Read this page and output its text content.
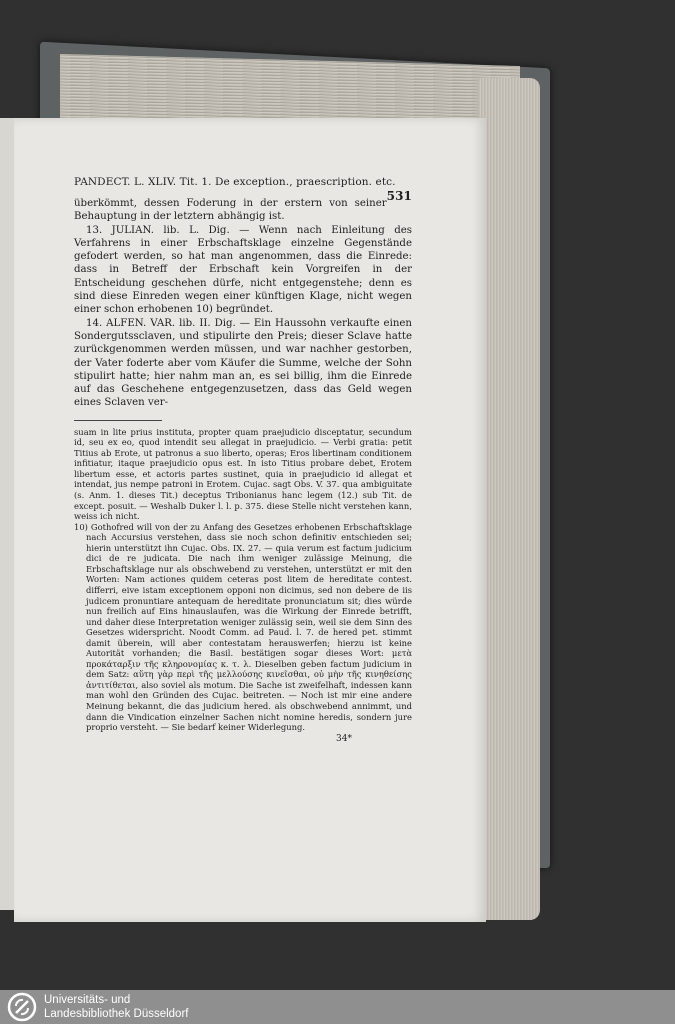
PANDECT. L. XLIV. Tit. 1. De exception., praescription. etc.
531

überkömmt, dessen Foderung in der erstern von seiner Behauptung in der letztern abhängig ist.

13. JULIAN. lib. L. Dig. — Wenn nach Einleitung des Verfahrens in einer Erbschaftsklage einzelne Gegenstände gefodert werden, so hat man angenommen, dass die Einrede: dass in Betreff der Erbschaft kein Vorgreifen in der Entscheidung geschehen dürfe, nicht entgegenstehe; denn es sind diese Einreden wegen einer künftigen Klage, nicht wegen einer schon erhobenen 10) begründet.

14. ALFEN. VAR. lib. II. Dig. — Ein Haussohn verkaufte einen Sondergutssclaven, und stipulirte den Preis; dieser Sclave hatte zurückgenommen werden müssen, und war nachher gestorben, der Vater foderte aber vom Käufer die Summe, welche der Sohn stipulirt hatte; hier nahm man an, es sei billig, ihm die Einrede auf das Geschehene entgegenzusetzen, dass das Geld wegen eines Sclaven ver-

suam in lite prius instituta, propter quam praejudicio disceptatur, secundum id, seu ex eo, quod intendit seu allegat in praejudicio. — Verbi gratia: petit Titius ab Erote, ut patronus a suo liberto, operas; Eros libertinam conditionem infitiatur, itaque praejudicio opus est. In isto Titius probare debet, Erotem libertum esse, et actoris partes sustinet, quia in praejudicio id allegat et intendat, jus nempe patroni in Erotem. Cujac. sagt Obs. V. 37. qua ambiguitate (s. Anm. 1. dieses Tit.) deceptus Tribonianus hanc legem (12.) sub Tit. de except. posuit. — Weshalb Duker l. l. p. 375. diese Stelle nicht verstehen kann, weiss ich nicht.

10) Gothofred will von der zu Anfang des Gesetzes erhobenen Erbschaftsklage nach Accursius verstehen, dass sie noch schon definitiv entschieden sei; hierin unterstützt ihn Cujac. Obs. IX. 27. — quia verum est factum judicium dici de re judicata. Die nach ihm weniger zulässige Meinung, die Erbschaftsklage nur als obschwebend zu verstehen, unterstützt er mit den Worten: Nam actiones quidem ceteras post litem de hereditate contest. differri, eive istam exceptionem opponi non dicimus, sed non debere de iis judicem pronuntiare antequam de hereditate pronunciatum sit; dies würde nun freilich auf Eins hinauslaufen, was die Wirkung der Einrede betrifft, und daher diese Interpretation weniger zulässig sein, weil sie dem Sinn des Gesetzes widerspricht. Noodt Comm. ad Paud. l. 7. de hered pet. stimmt damit überein, will aber contestatam herauswerfen; hierzu ist keine Autorität vorhanden; die Basil. bestätigen sogar dieses Wort: μετὰ προκάταρξιν τῆς κληρονομίας κ. τ. λ. Dieselben geben factum judicium in dem Satz: αὕτη γὰρ περὶ τῆς μελλούσης κινεῖσθαι, οὐ μὴν τῆς κινηθείσης ἀντιτίθεται, also soviel als motum. Die Sache ist zweifelhaft, indessen kann man wohl den Gründen des Cujac. beitreten. — Noch ist mir eine andere Meinung bekannt, die das judicium hered. als obschwebend annimmt, und dann die Vindication einzelner Sachen nicht nomine heredis, sondern jure proprio versteht. — Sie bedarf keiner Widerlegung.

34*
Universitäts- und
Landesbibliothek Düsseldorf
